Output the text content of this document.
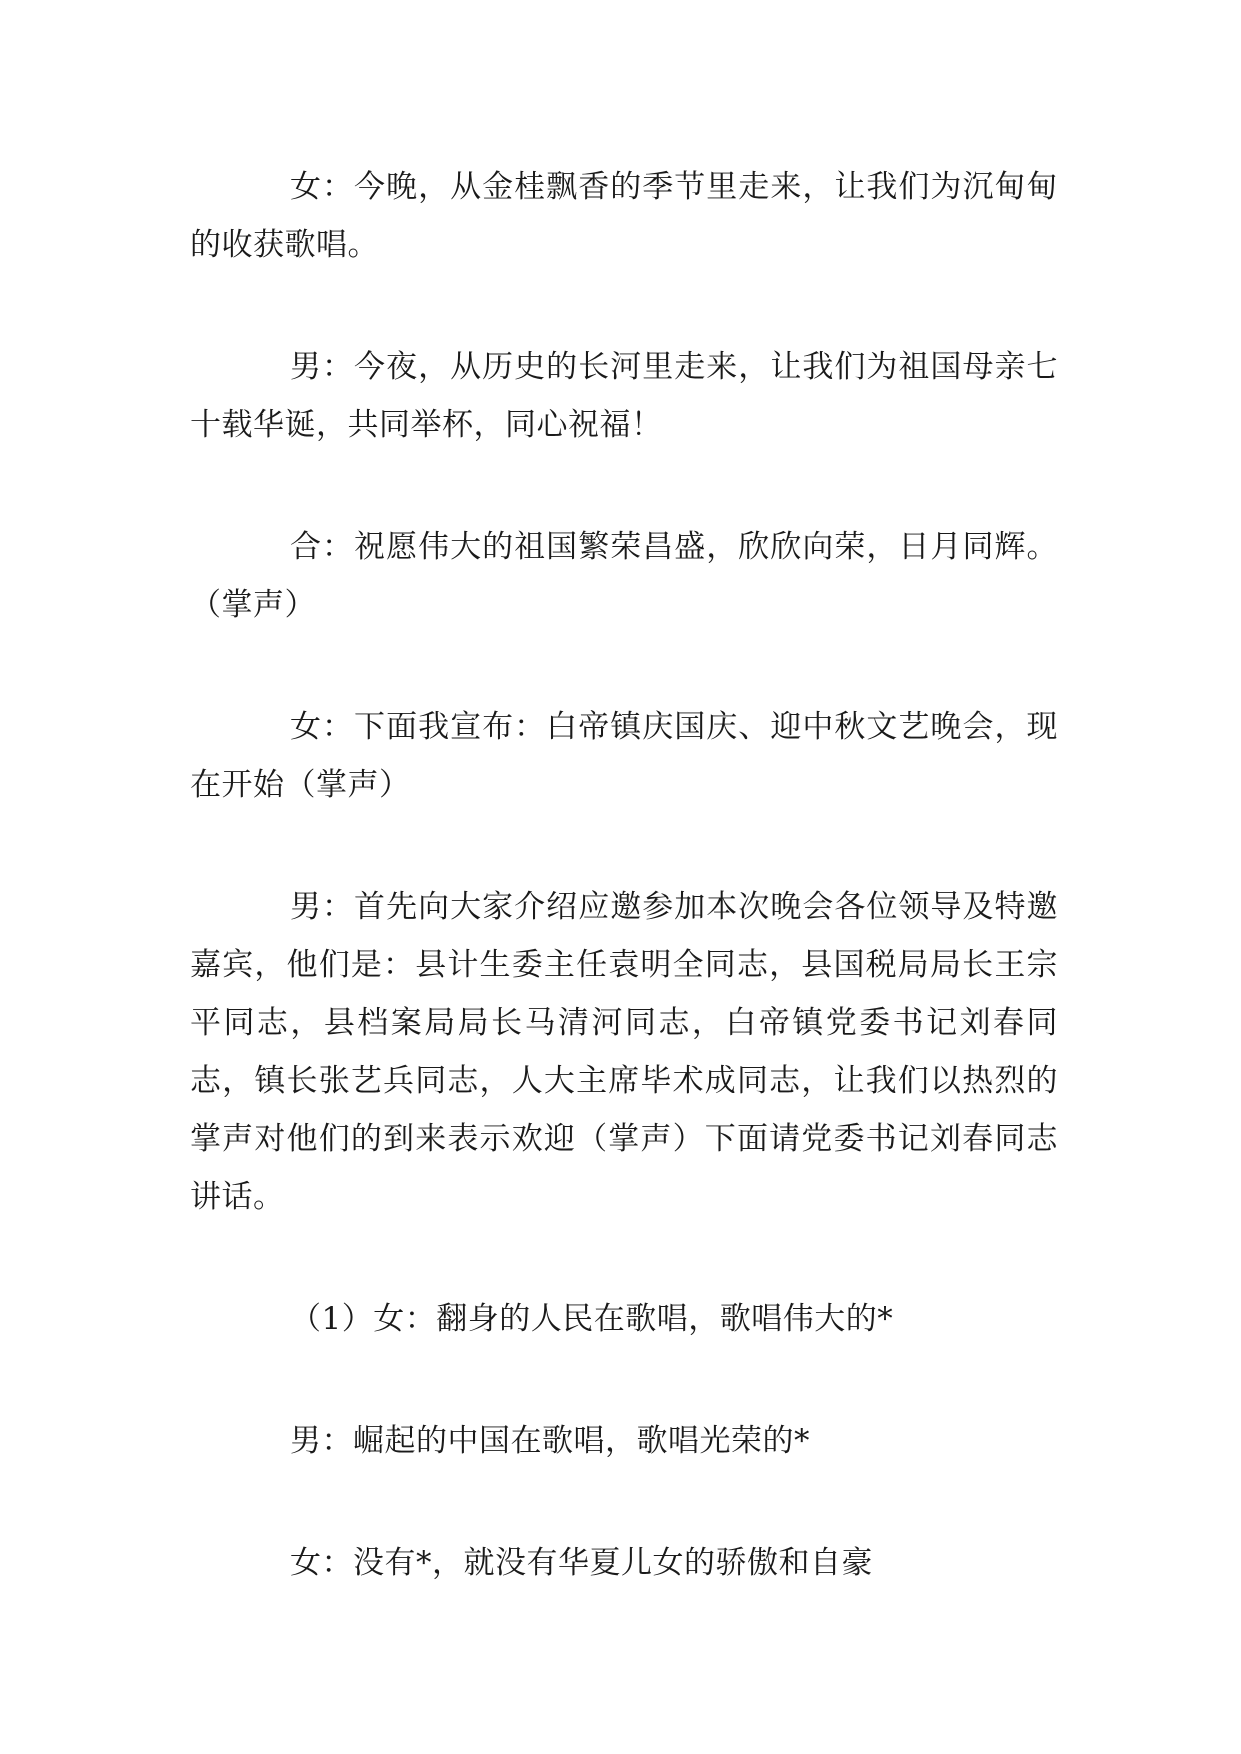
女：今晚，从金桂飘香的季节里走来，让我们为沉甸甸的收获歌唱。

男：今夜，从历史的长河里走来，让我们为祖国母亲七十载华诞，共同举杯，同心祝福！

合：祝愿伟大的祖国繁荣昌盛，欣欣向荣，日月同辉。（掌声）

女：下面我宣布：白帝镇庆国庆、迎中秋文艺晚会，现在开始（掌声）

男：首先向大家介绍应邀参加本次晚会各位领导及特邀嘉宾，他们是：县计生委主任袁明全同志，县国税局局长王宗平同志，县档案局局长马清河同志，白帝镇党委书记刘春同志，镇长张艺兵同志，人大主席毕术成同志，让我们以热烈的掌声对他们的到来表示欢迎（掌声）下面请党委书记刘春同志讲话。

（1）女：翻身的人民在歌唱，歌唱伟大的*

男：崛起的中国在歌唱，歌唱光荣的*

女：没有*，就没有华夏儿女的骄傲和自豪
